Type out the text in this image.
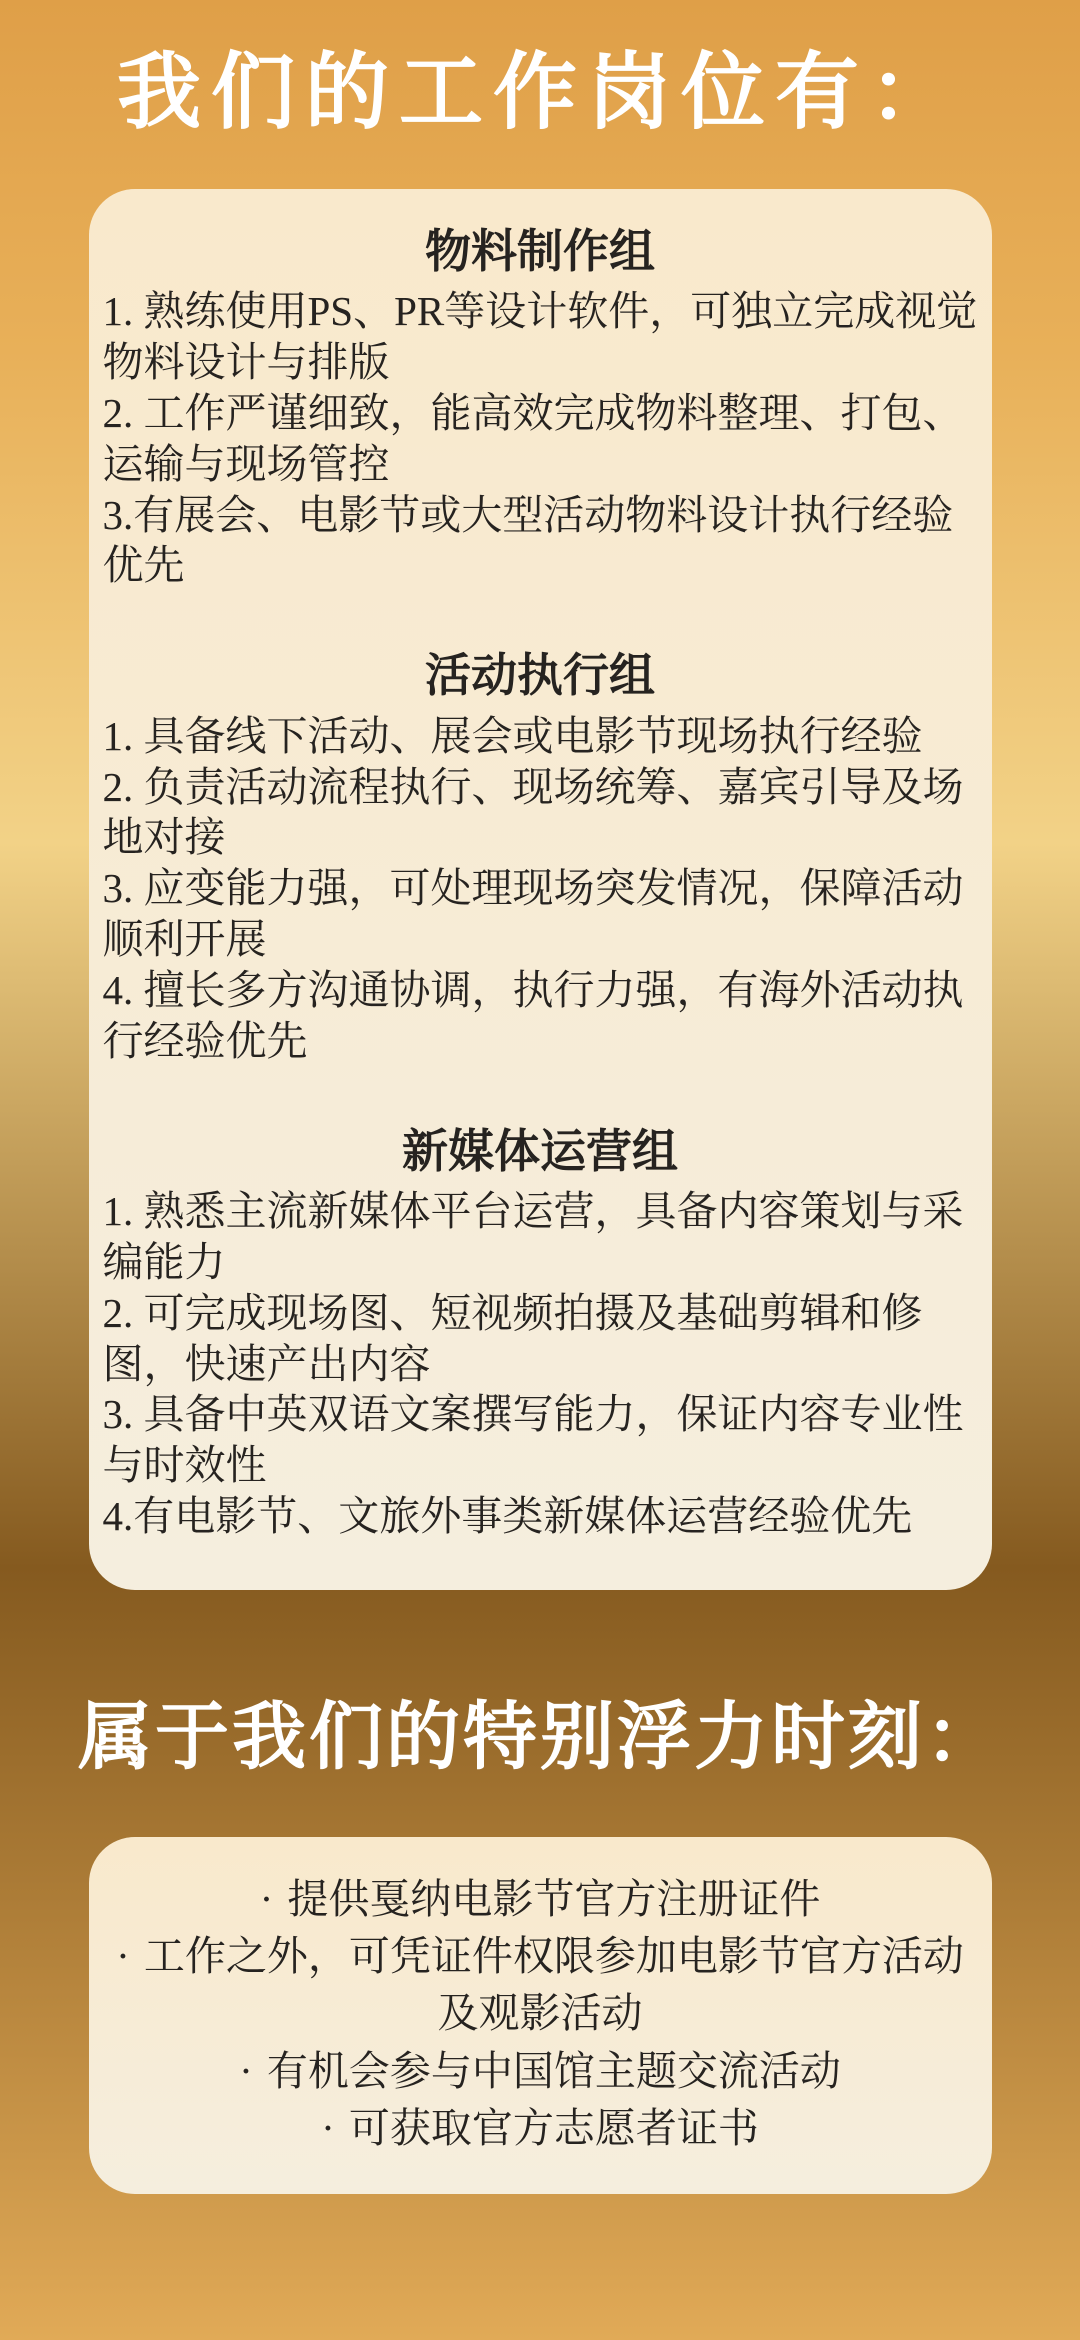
我们的工作岗位有：
物料制作组

1. 熟练使用PS、PR等设计软件，可独立完成视觉物料设计与排版

2. 工作严谨细致，能高效完成物料整理、打包、运输与现场管控

3.有展会、电影节或大型活动物料设计执行经验优先

活动执行组

1. 具备线下活动、展会或电影节现场执行经验

2. 负责活动流程执行、现场统筹、嘉宾引导及场地对接

3. 应变能力强，可处理现场突发情况，保障活动顺利开展

4. 擅长多方沟通协调，执行力强，有海外活动执行经验优先

新媒体运营组

1. 熟悉主流新媒体平台运营，具备内容策划与采编能力

2. 可完成现场图、短视频拍摄及基础剪辑和修图，快速产出内容

3. 具备中英双语文案撰写能力，保证内容专业性与时效性

4.有电影节、文旅外事类新媒体运营经验优先

属于我们的特别浮力时刻：

· 提供戛纳电影节官方注册证件

· 工作之外，可凭证件权限参加电影节官方活动及观影活动

· 有机会参与中国馆主题交流活动

· 可获取官方志愿者证书
